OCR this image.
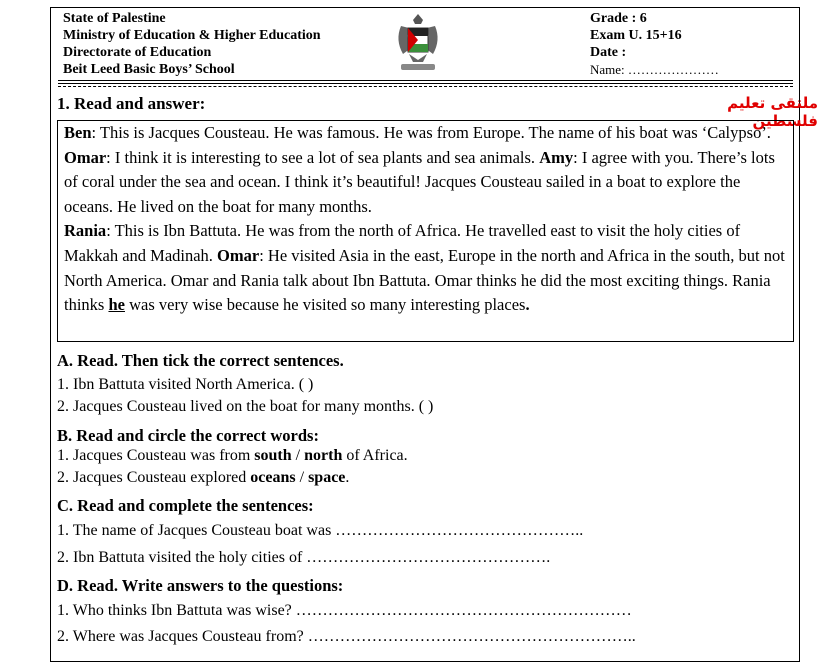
State of Palestine
Ministry of Education & Higher Education
Directorate of Education
Beit Leed Basic Boys’ School
Grade : 6
Exam U. 15+16
Date :
Name: …………………
1. Read and answer:	ملتقى تعليم فلسطين

Ben: This is Jacques Cousteau. He was famous. He was from Europe. The name of his boat was ‘Calypso’. Omar: I think it is interesting to see a lot of sea plants and sea animals. Amy: I agree with you. There’s lots of coral under the sea and ocean. I think it’s beautiful! Jacques Cousteau sailed in a boat to explore the oceans. He lived on the boat for many months.

Rania: This is Ibn Battuta. He was from the north of Africa. He travelled east to visit the holy cities of Makkah and Madinah. Omar: He visited Asia in the east, Europe in the north and Africa in the south, but not North America. Omar and Rania talk about Ibn Battuta. Omar thinks he did the most exciting things. Rania thinks he was very wise because he visited so many interesting places.

A. Read. Then tick the correct sentences.
1. Ibn Battuta visited North America. ( )
2. Jacques Cousteau lived on the boat for many months. ( )
B. Read and circle the correct words:
1. Jacques Cousteau was from south / north of Africa.
2. Jacques Cousteau explored oceans / space.
C. Read and complete the sentences:
1. The name of Jacques Cousteau boat was ………………………………………..
2. Ibn Battuta visited the holy cities of ……………………………………….
D. Read. Write answers to the questions:
1. Who thinks Ibn Battuta was wise? ………………………………………………………
2. Where was Jacques Cousteau from? ……………………………………………………..
